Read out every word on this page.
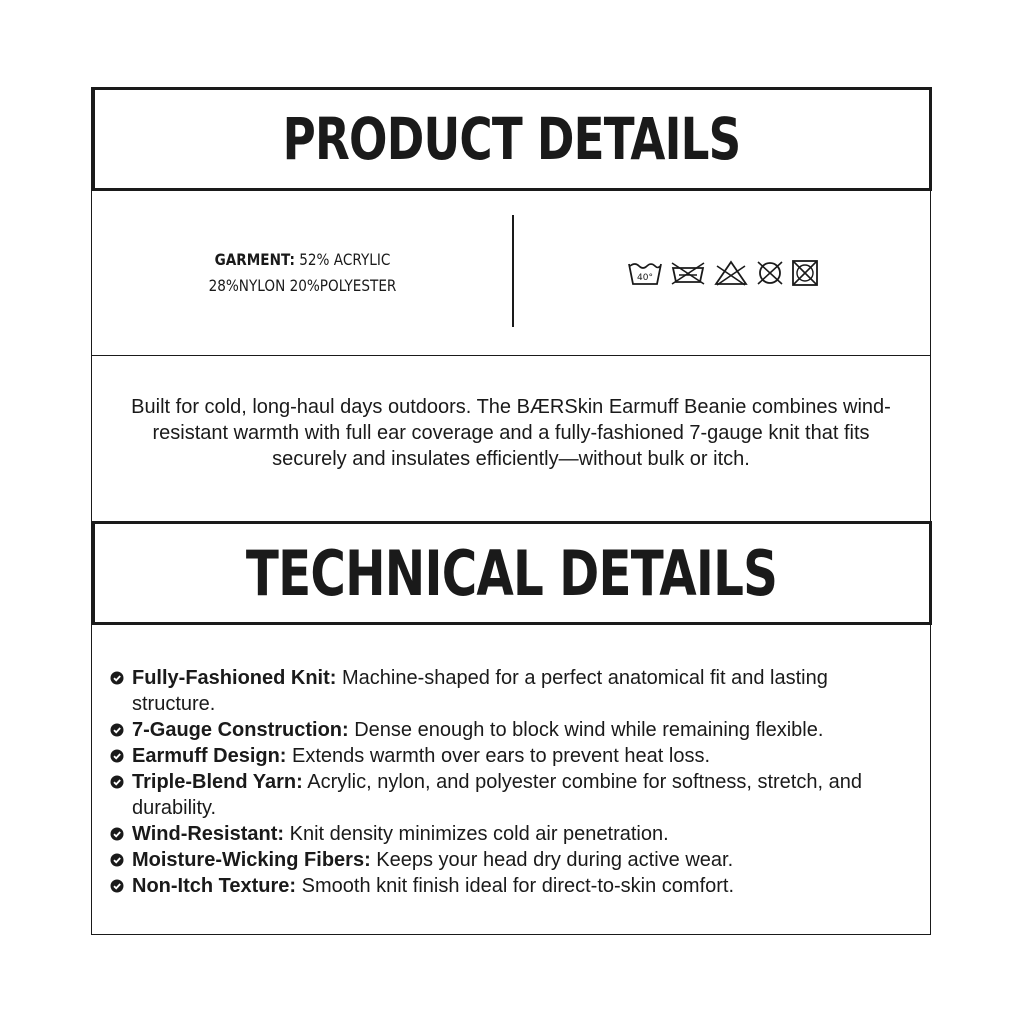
PRODUCT DETAILS
GARMENT: 52% ACRYLIC
28%NYLON 20%POLYESTER	40°

Built for cold, long-haul days outdoors. The BÆRSkin Earmuff Beanie combines wind-resistant warmth with full ear coverage and a fully-fashioned 7-gauge knit that fits securely and insulates efficiently—without bulk or itch.

TECHNICAL DETAILS
Fully-Fashioned Knit: Machine-shaped for a perfect anatomical fit and lasting structure.
7-Gauge Construction: Dense enough to block wind while remaining flexible.
Earmuff Design: Extends warmth over ears to prevent heat loss.
Triple-Blend Yarn: Acrylic, nylon, and polyester combine for softness, stretch, and durability.
Wind-Resistant: Knit density minimizes cold air penetration.
Moisture-Wicking Fibers: Keeps your head dry during active wear.
Non-Itch Texture: Smooth knit finish ideal for direct-to-skin comfort.
